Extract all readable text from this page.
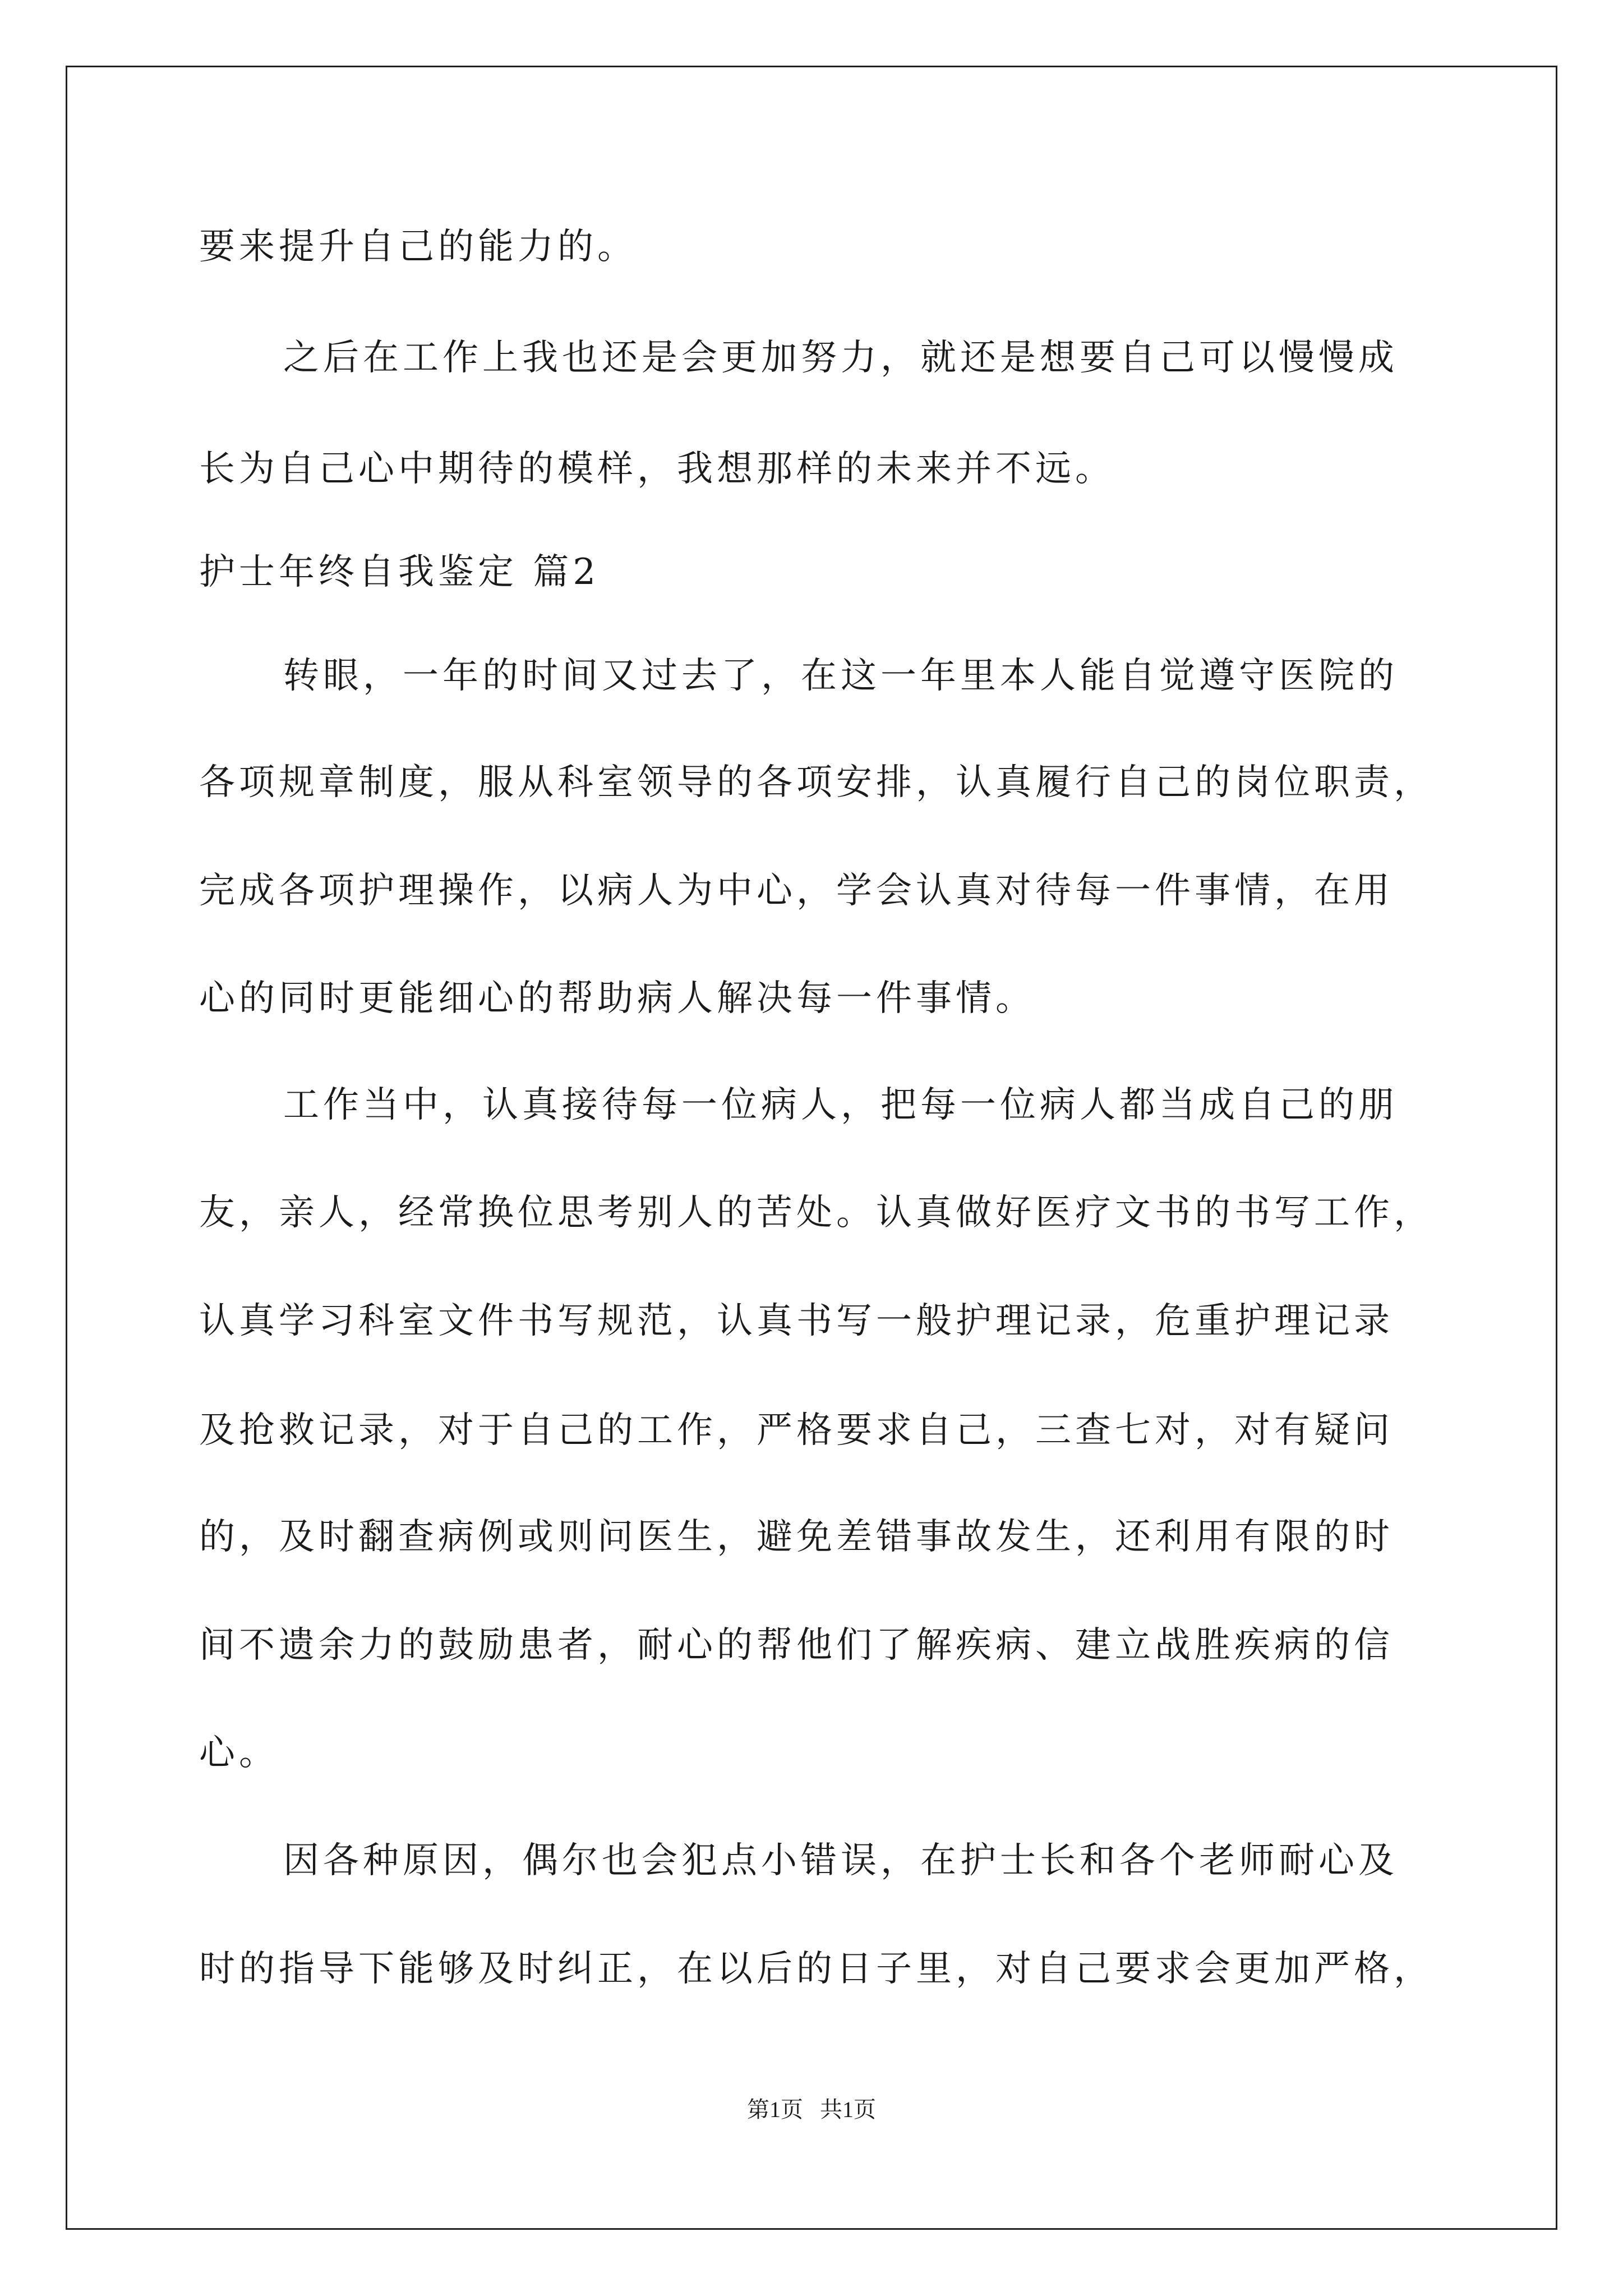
要来提升自己的能力的。
之后在工作上我也还是会更加努力，就还是想要自己可以慢慢成
长为自己心中期待的模样，我想那样的未来并不远。
护士年终自我鉴定 篇2
转眼，一年的时间又过去了，在这一年里本人能自觉遵守医院的
各项规章制度，服从科室领导的各项安排，认真履行自己的岗位职责，
完成各项护理操作，以病人为中心，学会认真对待每一件事情，在用
心的同时更能细心的帮助病人解决每一件事情。
工作当中，认真接待每一位病人，把每一位病人都当成自己的朋
友，亲人，经常换位思考别人的苦处。认真做好医疗文书的书写工作，
认真学习科室文件书写规范，认真书写一般护理记录，危重护理记录
及抢救记录，对于自己的工作，严格要求自己，三查七对，对有疑问
的，及时翻查病例或则问医生，避免差错事故发生，还利用有限的时
间不遗余力的鼓励患者，耐心的帮他们了解疾病、建立战胜疾病的信
心。
因各种原因，偶尔也会犯点小错误，在护士长和各个老师耐心及
时的指导下能够及时纠正，在以后的日子里，对自己要求会更加严格，
第1页   共1页
